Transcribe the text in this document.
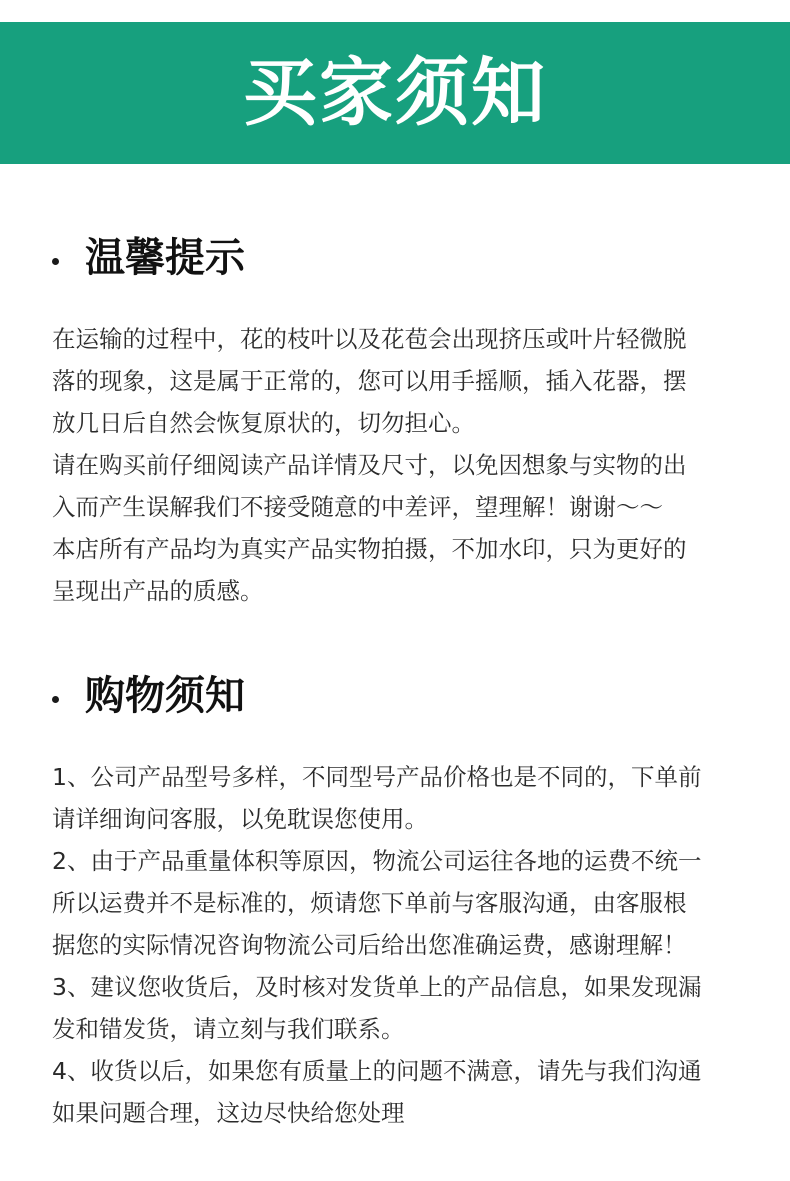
买家须知
温馨提示

在运输的过程中，花的枝叶以及花苞会出现挤压或叶片轻微脱

落的现象，这是属于正常的，您可以用手摇顺，插入花器，摆

放几日后自然会恢复原状的，切勿担心。

请在购买前仔细阅读产品详情及尺寸，以免因想象与实物的出

入而产生误解我们不接受随意的中差评，望理解！谢谢～～

本店所有产品均为真实产品实物拍摄，不加水印，只为更好的

呈现出产品的质感。

购物须知

1、公司产品型号多样，不同型号产品价格也是不同的，下单前

请详细询问客服，以免耽误您使用。

2、由于产品重量体积等原因，物流公司运往各地的运费不统一

所以运费并不是标准的，烦请您下单前与客服沟通，由客服根

据您的实际情况咨询物流公司后给出您准确运费，感谢理解！

3、建议您收货后，及时核对发货单上的产品信息，如果发现漏

发和错发货，请立刻与我们联系。

4、收货以后，如果您有质量上的问题不满意，请先与我们沟通

如果问题合理，这边尽快给您处理
